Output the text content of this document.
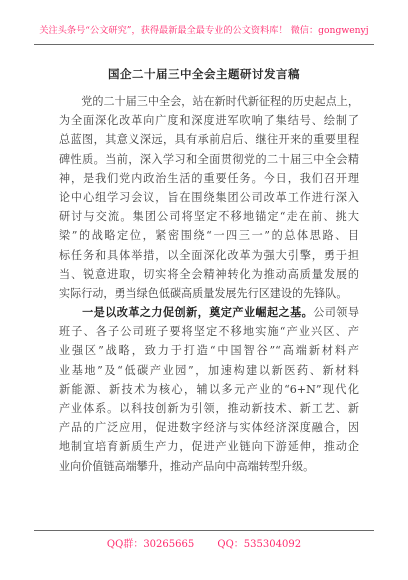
关注头条号“公文研究”，获得最新最全最专业的公文资料库！ 微信：gongwenyj
国企二十届三中全会主题研讨发言稿
　　党的二十届三中全会，站在新时代新征程的历史起点上，
为全面深化改革向广度和深度进军吹响了集结号、绘制了
总蓝图，其意义深远，具有承前启后、继往开来的重要里程
碑性质。当前，深入学习和全面贯彻党的二十届三中全会精
神，是我们党内政治生活的重要任务。今日，我们召开理
论中心组学习会议，旨在围绕集团公司改革工作进行深入
研讨与交流。集团公司将坚定不移地锚定“走在前、挑大
梁”的战略定位，紧密围绕“一四三一”的总体思路、目
标任务和具体举措，以全面深化改革为强大引擎，勇于担
当、锐意进取，切实将全会精神转化为推动高质量发展的
实际行动，勇当绿色低碳高质量发展先行区建设的先锋队。
　　一是以改革之力促创新，奠定产业崛起之基。公司领导
班子、各子公司班子要将坚定不移地实施“产业兴区、产
业强区”战略，致力于打造“中国智谷”“高端新材料产
业基地”及“低碳产业园”，加速构建以新医药、新材料
新能源、新技术为核心，辅以多元产业的“6+N”现代化
产业体系。以科技创新为引领，推动新技术、新工艺、新
产品的广泛应用，促进数字经济与实体经济深度融合，因
地制宜培育新质生产力，促进产业链向下游延伸，推动企
业向价值链高端攀升，推动产品向中高端转型升级。
QQ群：30265665 QQ：535304092
